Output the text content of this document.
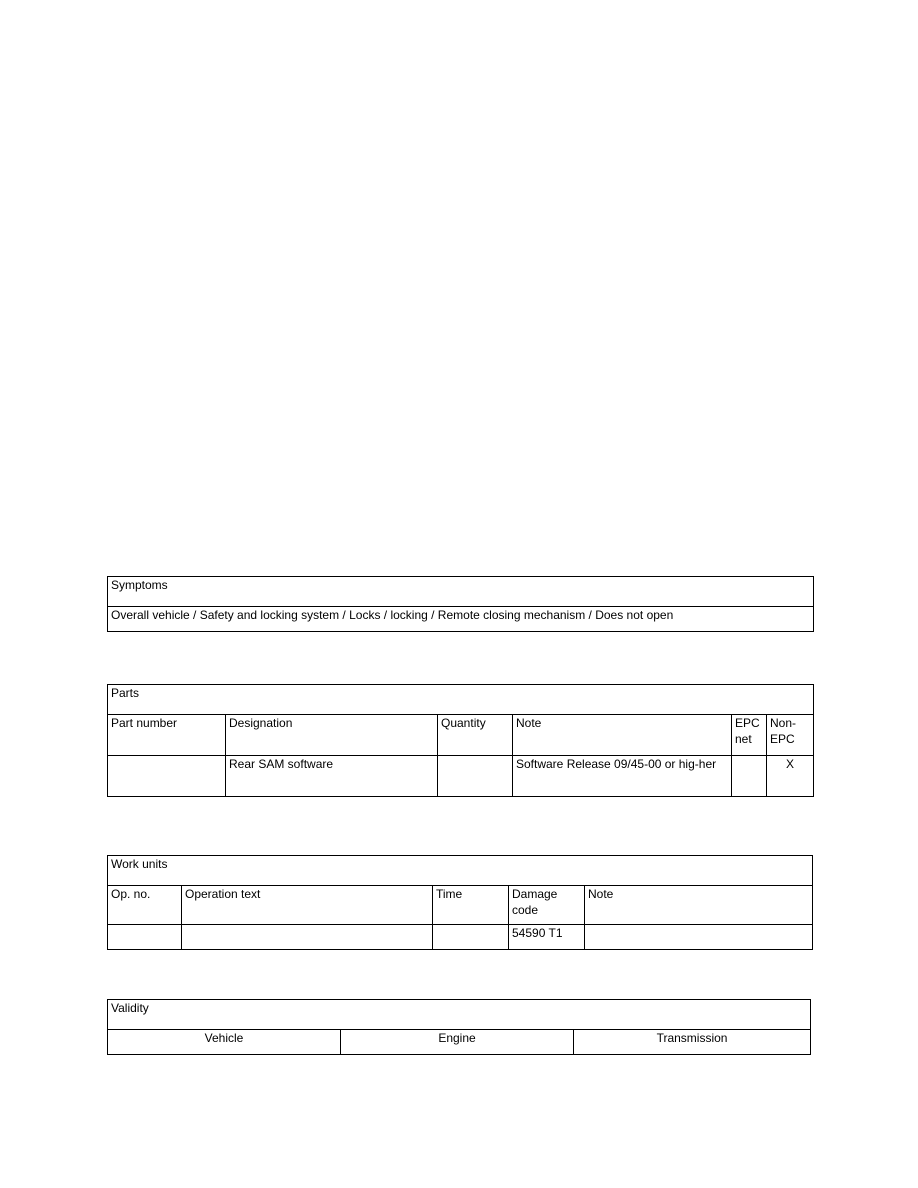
Symptoms
Overall vehicle / Safety and locking system / Locks / locking / Remote closing mechanism / Does not open
Parts					
Part number	Designation	Quantity	Note	EPC net	Non-EPC
	Rear SAM software		Software Release 09/45-00 or hig-her		X
Work units				
Op. no.	Operation text	Time	Damage code	Note
			54590 T1	
Validity
Vehicle	Engine	Transmission
